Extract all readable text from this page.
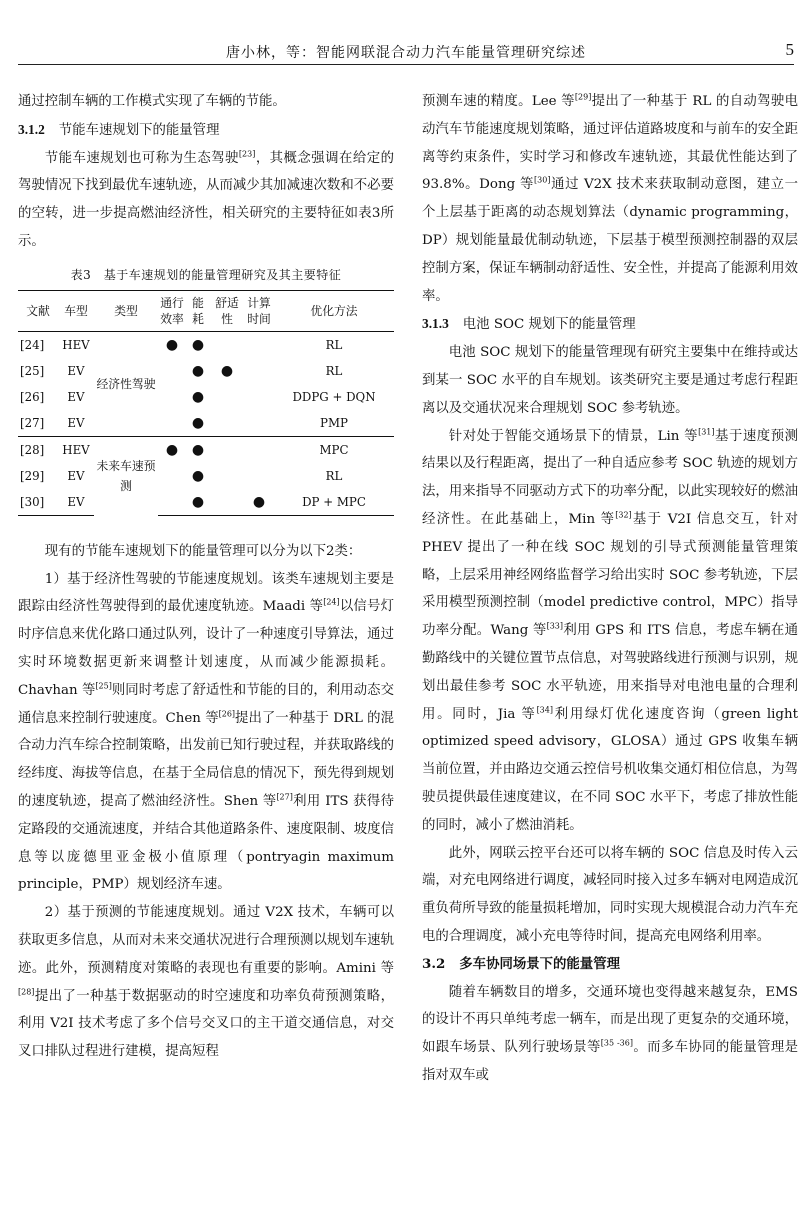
唐小林，等：智能网联混合动力汽车能量管理研究综述	5

通过控制车辆的工作模式实现了车辆的节能。

3.1.2 节能车速规划下的能量管理

节能车速规划也可称为生态驾驶[23]，其概念强调在给定的驾驶情况下找到最优车速轨迹，从而减少其加减速次数和不必要的空转，进一步提高燃油经济性，相关研究的主要特征如表3所示。

表3　基于车速规划的能量管理研究及其主要特征
文献	车型	类型	通行效率	能耗	舒适性	计算时间	优化方法
[24]	HEV	经济性驾驶	●	●			RL
[25]	EV			●	●		RL
[26]	EV			●			DDPG + DQN
[27]	EV			●			PMP
[28]	HEV	未来车速预测	●	●			MPC
[29]	EV			●			RL
[30]	EV			●		●	DP + MPC

现有的节能车速规划下的能量管理可以分为以下2类：

1）基于经济性驾驶的节能速度规划。该类车速规划主要是跟踪由经济性驾驶得到的最优速度轨迹。Maadi 等[24]以信号灯时序信息来优化路口通过队列，设计了一种速度引导算法，通过实时环境数据更新来调整计划速度，从而减少能源损耗。Chavhan 等[25]则同时考虑了舒适性和节能的目的，利用动态交通信息来控制行驶速度。Chen 等[26]提出了一种基于 DRL 的混合动力汽车综合控制策略，出发前已知行驶过程，并获取路线的经纬度、海拔等信息，在基于全局信息的情况下，预先得到规划的速度轨迹，提高了燃油经济性。Shen 等[27]利用 ITS 获得待定路段的交通流速度，并结合其他道路条件、速度限制、坡度信息等以庞德里亚金极小值原理（pontryagin maximum principle，PMP）规划经济车速。

2）基于预测的节能速度规划。通过 V2X 技术，车辆可以获取更多信息，从而对未来交通状况进行合理预测以规划车速轨迹。此外，预测精度对策略的表现也有重要的影响。Amini 等[28]提出了一种基于数据驱动的时空速度和功率负荷预测策略，利用 V2I 技术考虑了多个信号交叉口的主干道交通信息，对交叉口排队过程进行建模，提高短程

预测车速的精度。Lee 等[29]提出了一种基于 RL 的自动驾驶电动汽车节能速度规划策略，通过评估道路坡度和与前车的安全距离等约束条件，实时学习和修改车速轨迹，其最优性能达到了 93.8%。Dong 等[30]通过 V2X 技术来获取制动意图，建立一个上层基于距离的动态规划算法（dynamic programming，DP）规划能量最优制动轨迹，下层基于模型预测控制器的双层控制方案，保证车辆制动舒适性、安全性，并提高了能源利用效率。

3.1.3 电池 SOC 规划下的能量管理

电池 SOC 规划下的能量管理现有研究主要集中在维持或达到某一 SOC 水平的自车规划。该类研究主要是通过考虑行程距离以及交通状况来合理规划 SOC 参考轨迹。

针对处于智能交通场景下的情景，Lin 等[31]基于速度预测结果以及行程距离，提出了一种自适应参考 SOC 轨迹的规划方法，用来指导不同驱动方式下的功率分配，以此实现较好的燃油经济性。在此基础上，Min 等[32]基于 V2I 信息交互，针对 PHEV 提出了一种在线 SOC 规划的引导式预测能量管理策略，上层采用神经网络监督学习给出实时 SOC 参考轨迹，下层采用模型预测控制（model predictive control，MPC）指导功率分配。Wang 等[33]利用 GPS 和 ITS 信息，考虑车辆在通勤路线中的关键位置节点信息，对驾驶路线进行预测与识别，规划出最佳参考 SOC 水平轨迹，用来指导对电池电量的合理利用。同时，Jia 等[34]利用绿灯优化速度咨询（green light optimized speed advisory，GLOSA）通过 GPS 收集车辆当前位置，并由路边交通云控信号机收集交通灯相位信息，为驾驶员提供最佳速度建议，在不同 SOC 水平下，考虑了排放性能的同时，减小了燃油消耗。

此外，网联云控平台还可以将车辆的 SOC 信息及时传入云端，对充电网络进行调度，减轻同时接入过多车辆对电网造成沉重负荷所导致的能量损耗增加，同时实现大规模混合动力汽车充电的合理调度，减小充电等待时间，提高充电网络利用率。

3.2 多车协同场景下的能量管理

随着车辆数目的增多，交通环境也变得越来越复杂，EMS 的设计不再只单纯考虑一辆车，而是出现了更复杂的交通环境，如跟车场景、队列行驶场景等[35 -36]。而多车协同的能量管理是指对双车或
